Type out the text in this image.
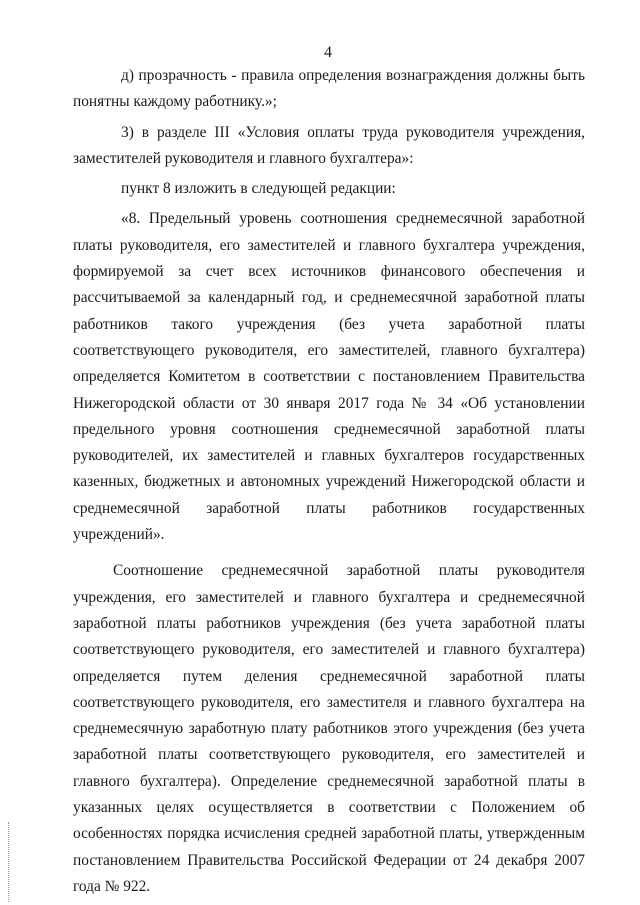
4

д) прозрачность - правила определения вознаграждения должны быть понятны каждому работнику.»;

3) в разделе III «Условия оплаты труда руководителя учреждения, заместителей руководителя и главного бухгалтера»:

пункт 8 изложить в следующей редакции:

«8. Предельный уровень соотношения среднемесячной заработной платы руководителя, его заместителей и главного бухгалтера учреждения, формируемой за счет всех источников финансового обеспечения и рассчитываемой за календарный год, и среднемесячной заработной платы работников такого учреждения (без учета заработной платы соответствующего руководителя, его заместителей, главного бухгалтера) определяется Комитетом в соответствии с постановлением Правительства Нижегородской области от 30 января 2017 года № 34 «Об установлении предельного уровня соотношения среднемесячной заработной платы руководителей, их заместителей и главных бухгалтеров государственных казенных, бюджетных и автономных учреждений Нижегородской области и среднемесячной заработной платы работников государственных учреждений».

Соотношение среднемесячной заработной платы руководителя учреждения, его заместителей и главного бухгалтера и среднемесячной заработной платы работников учреждения (без учета заработной платы соответствующего руководителя, его заместителей и главного бухгалтера) определяется путем деления среднемесячной заработной платы соответствующего руководителя, его заместителя и главного бухгалтера на среднемесячную заработную плату работников этого учреждения (без учета заработной платы соответствующего руководителя, его заместителей и главного бухгалтера). Определение среднемесячной заработной платы в указанных целях осуществляется в соответствии с Положением об особенностях порядка исчисления средней заработной платы, утвержденным постановлением Правительства Российской Федерации от 24 декабря 2007 года № 922.
